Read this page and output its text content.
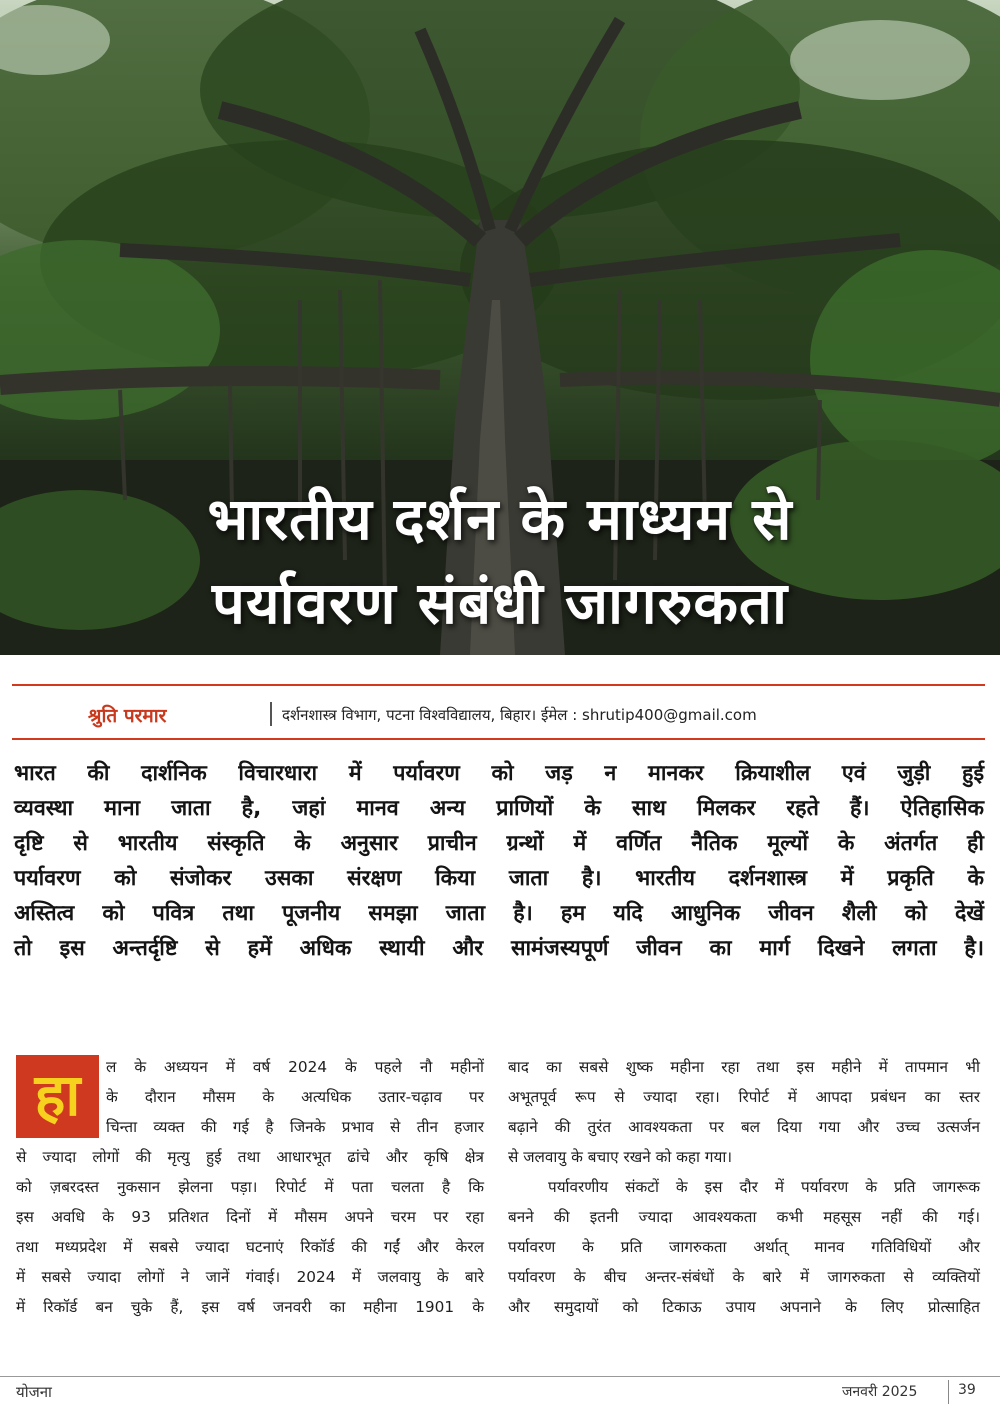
भारतीय दर्शन के माध्यम से
पर्यावरण संबंधी जागरुकता
श्रुति परमार	दर्शनशास्त्र विभाग, पटना विश्वविद्यालय, बिहार। ईमेल : shrutip400@gmail.com
भारत की दार्शनिक विचारधारा में पर्यावरण को जड़ न मानकर क्रियाशील एवं जुड़ी हुई
व्यवस्था माना जाता है, जहां मानव अन्य प्राणियों के साथ मिलकर रहते हैं। ऐतिहासिक
दृष्टि से भारतीय संस्कृति के अनुसार प्राचीन ग्रन्थों में वर्णित नैतिक मूल्यों के अंतर्गत ही
पर्यावरण को संजोकर उसका संरक्षण किया जाता है। भारतीय दर्शनशास्त्र में प्रकृति के
अस्तित्व को पवित्र तथा पूजनीय समझा जाता है। हम यदि आधुनिक जीवन शैली को देखें
तो इस अन्तर्दृष्टि से हमें अधिक स्थायी और सामंजस्यपूर्ण जीवन का मार्ग दिखने लगता है।
हा	ल के अध्ययन में वर्ष 2024 के पहले नौ महीनों
के दौरान मौसम के अत्यधिक उतार-चढ़ाव पर
चिन्ता व्यक्त की गई है जिनके प्रभाव से तीन हजार
से ज्यादा लोगों की मृत्यु हुई तथा आधारभूत ढांचे और कृषि क्षेत्र
को ज़बरदस्त नुकसान झेलना पड़ा। रिपोर्ट में पता चलता है कि
इस अवधि के 93 प्रतिशत दिनों में मौसम अपने चरम पर रहा
तथा मध्यप्रदेश में सबसे ज्यादा घटनाएं रिकॉर्ड की गईं और केरल
में सबसे ज्यादा लोगों ने जानें गंवाई। 2024 में जलवायु के बारे
में रिकॉर्ड बन चुके हैं, इस वर्ष जनवरी का महीना 1901 के
बाद का सबसे शुष्क महीना रहा तथा इस महीने में तापमान भी
अभूतपूर्व रूप से ज्यादा रहा। रिपोर्ट में आपदा प्रबंधन का स्तर
बढ़ाने की तुरंत आवश्यकता पर बल दिया गया और उच्च उत्सर्जन
से जलवायु के बचाए रखने को कहा गया।
पर्यावरणीय संकटों के इस दौर में पर्यावरण के प्रति जागरूक
बनने की इतनी ज्यादा आवश्यकता कभी महसूस नहीं की गई।
पर्यावरण के प्रति जागरुकता अर्थात् मानव गतिविधियों और
पर्यावरण के बीच अन्तर-संबंधों के बारे में जागरुकता से व्यक्तियों
और समुदायों को टिकाऊ उपाय अपनाने के लिए प्रोत्साहित
योजना	जनवरी 2025	39
